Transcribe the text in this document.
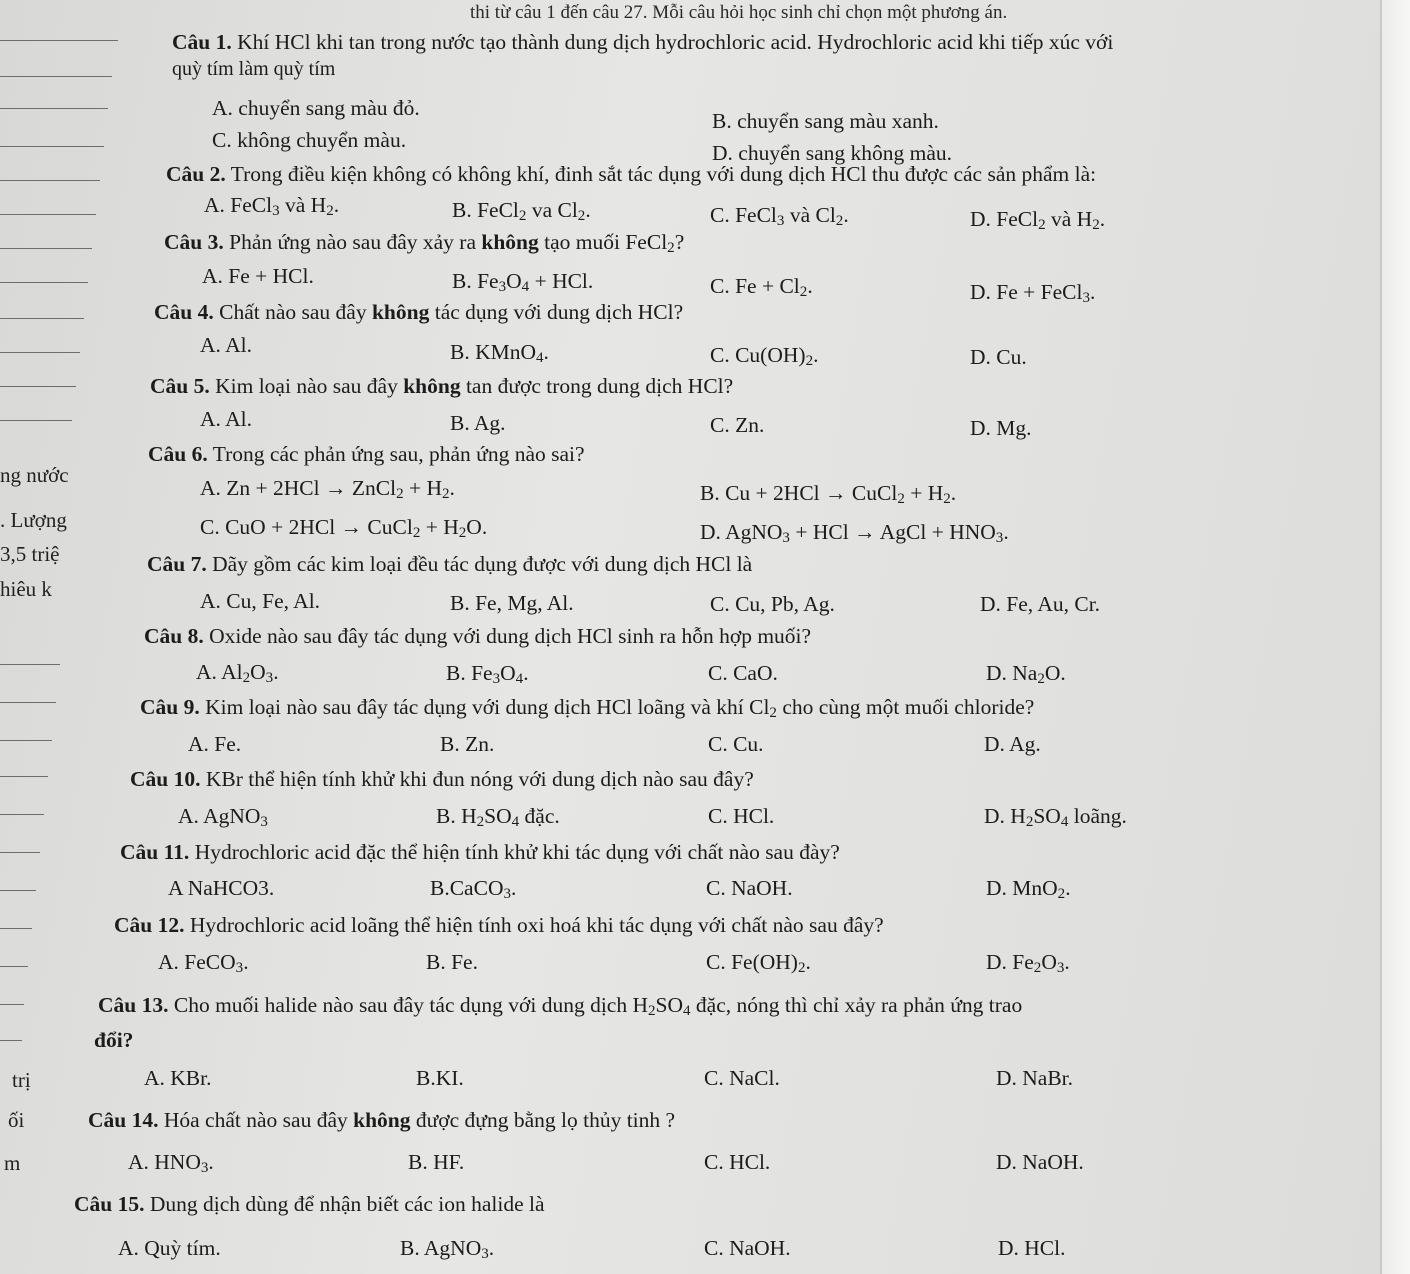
ng nước
. Lượng
3,5 triệ
hiêu k
trị
ối
m
thi từ câu 1 đến câu 27. Mỗi câu hỏi học sinh chỉ chọn một phương án.
Câu 1. Khí HCl khi tan trong nước tạo thành dung dịch hydrochloric acid. Hydrochloric acid khi tiếp xúc với
quỳ tím làm quỳ tím
A. chuyển sang màu đỏ.
B. chuyển sang màu xanh.
C. không chuyển màu.
D. chuyển sang không màu.
Câu 2. Trong điều kiện không có không khí, đinh sắt tác dụng với dung dịch HCl thu được các sản phẩm là:
A. FeCl$_3$ và $H_2$.	B. FeCl$_2$ va $Cl_2$.	C. FeCl$_3$ và $Cl_2$.	D. FeCl$_2$ và $H_2$.
Câu 3. Phản ứng nào sau đây xảy ra không tạo muối FeCl$_2$?
A. Fe + HCl.	B. $Fe_3O_4$ + HCl.	C. $Fe + Cl_2$.	D. Fe + FeCl$_3$.
Câu 4. Chất nào sau đây không tác dụng với dung dịch HCl?
A. Al.	B. KMnO$_4$.	C. $Cu(OH)_2$.	D. Cu.
Câu 5. Kim loại nào sau đây không tan được trong dung dịch HCl?
A. Al.	B. Ag.	C. Zn.	D. Mg.
Câu 6. Trong các phản ứng sau, phản ứng nào sai?
A. Zn + 2HCl → ZnCl$_2$ + $H_2$.	B. Cu + 2HCl → CuCl$_2$ + $H_2$.
C. CuO + 2HCl → CuCl$_2$ + $H_2O$.	D. AgNO$_3$ + HCl → AgCl + $HNO_3$.
Câu 7. Dãy gồm các kim loại đều tác dụng được với dung dịch HCl là
A. Cu, Fe, Al.	B. Fe, Mg, Al.	C. Cu, Pb, Ag.	D. Fe, Au, Cr.
Câu 8. Oxide nào sau đây tác dụng với dung dịch HCl sinh ra hỗn hợp muối?
A. $Al_2O_3$.	B. $Fe_3O_4$.	C. CaO.	D. $Na_2O$.
Câu 9. Kim loại nào sau đây tác dụng với dung dịch HCl loãng và khí $Cl_2$ cho cùng một muối chloride?
A. Fe.	B. Zn.	C. Cu.	D. Ag.
Câu 10. KBr thể hiện tính khử khi đun nóng với dung dịch nào sau đây?
A. AgNO$_3$	B. $H_2SO_4$ đặc.	C. HCl.	D. $H_2SO_4$ loãng.
Câu 11. Hydrochloric acid đặc thể hiện tính khử khi tác dụng với chất nào sau đày?
A NaHCO3.	B.CaCO$_3$.	C. NaOH.	D. MnO$_2$.
Câu 12. Hydrochloric acid loãng thể hiện tính oxi hoá khi tác dụng với chất nào sau đây?
A. FeCO$_3$.	B. Fe.	C. $Fe(OH)_2$.	D. $Fe_2O_3$.
Câu 13. Cho muối halide nào sau đây tác dụng với dung dịch $H_2SO_4$ đặc, nóng thì chỉ xảy ra phản ứng trao
đổi?
A. KBr.	B.KI.	C. NaCl.	D. NaBr.
Câu 14. Hóa chất nào sau đây không được đựng bằng lọ thủy tinh ?
A. $HNO_3$.	B. HF.	C. HCl.	D. NaOH.
Câu 15. Dung dịch dùng để nhận biết các ion halide là
A. Quỳ tím.	B. AgNO$_3$.	C. NaOH.	D. HCl.
